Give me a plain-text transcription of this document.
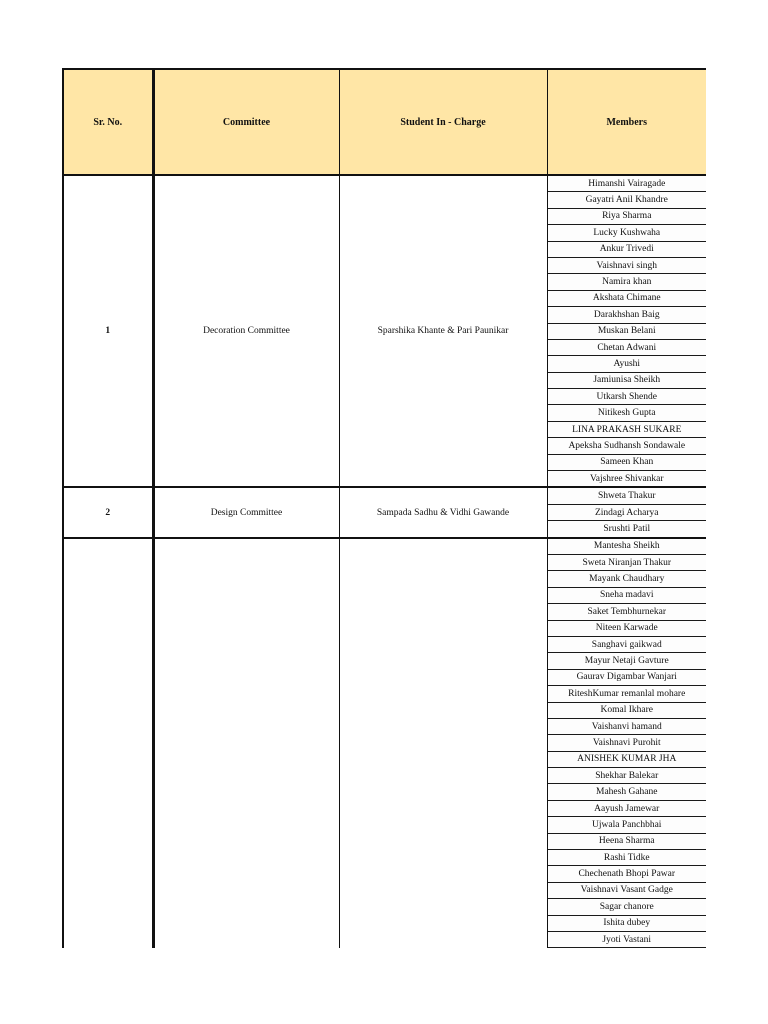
Sr. No.	Committee	Student In - Charge	Members
1	Decoration Committee	Sparshika Khante & Pari Paunikar	Himanshi Vairagade
			Gayatri Anil Khandre
			Riya Sharma
			Lucky Kushwaha
			Ankur Trivedi
			Vaishnavi singh
			Namira khan
			Akshata Chimane
			Darakhshan Baig
			Muskan Belani
			Chetan Adwani
			Ayushi
			Jamiunisa Sheikh
			Utkarsh Shende
			Nitikesh Gupta
			LINA PRAKASH SUKARE
			Apeksha Sudhansh Sondawale
			Sameen Khan
			Vajshree Shivankar
2	Design Committee	Sampada Sadhu & Vidhi Gawande	Shweta Thakur
			Zindagi Acharya
			Srushti Patil
			Mantesha Sheikh
			Sweta Niranjan Thakur
			Mayank Chaudhary
			Sneha madavi
			Saket Tembhurnekar
			Niteen Karwade
			Sanghavi gaikwad
			Mayur Netaji Gavture
			Gaurav Digambar Wanjari
			RiteshKumar remanlal mohare
			Komal Ikhare
			Vaishanvi hamand
			Vaishnavi Purohit
			ANISHEK KUMAR JHA
			Shekhar Balekar
			Mahesh Gahane
			Aayush Jamewar
			Ujwala Panchbhai
			Heena Sharma
			Rashi Tidke
			Chechenath Bhopi Pawar
			Vaishnavi Vasant Gadge
			Sagar chanore
			Ishita dubey
			Jyoti Vastani
